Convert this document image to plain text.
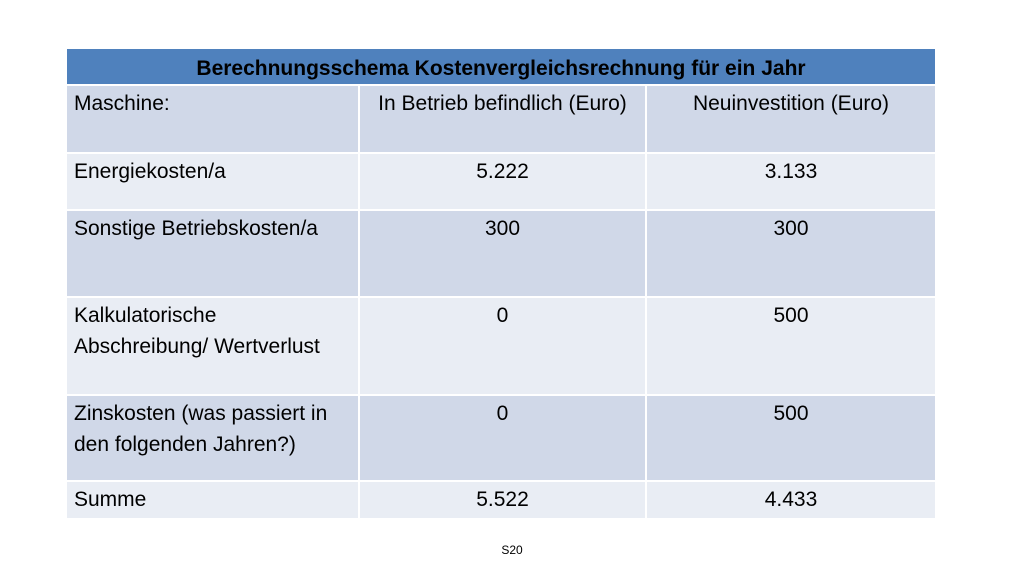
Berechnungsschema Kostenvergleichsrechnung für ein Jahr		
Maschine:	In Betrieb befindlich (Euro)	Neuinvestition (Euro)
Energiekosten/a	5.222	3.133
Sonstige Betriebskosten/a	300	300
Kalkulatorische Abschreibung/ Wertverlust	0	500
Zinskosten (was passiert in den folgenden Jahren?)	0	500
Summe	5.522	4.433
S20
